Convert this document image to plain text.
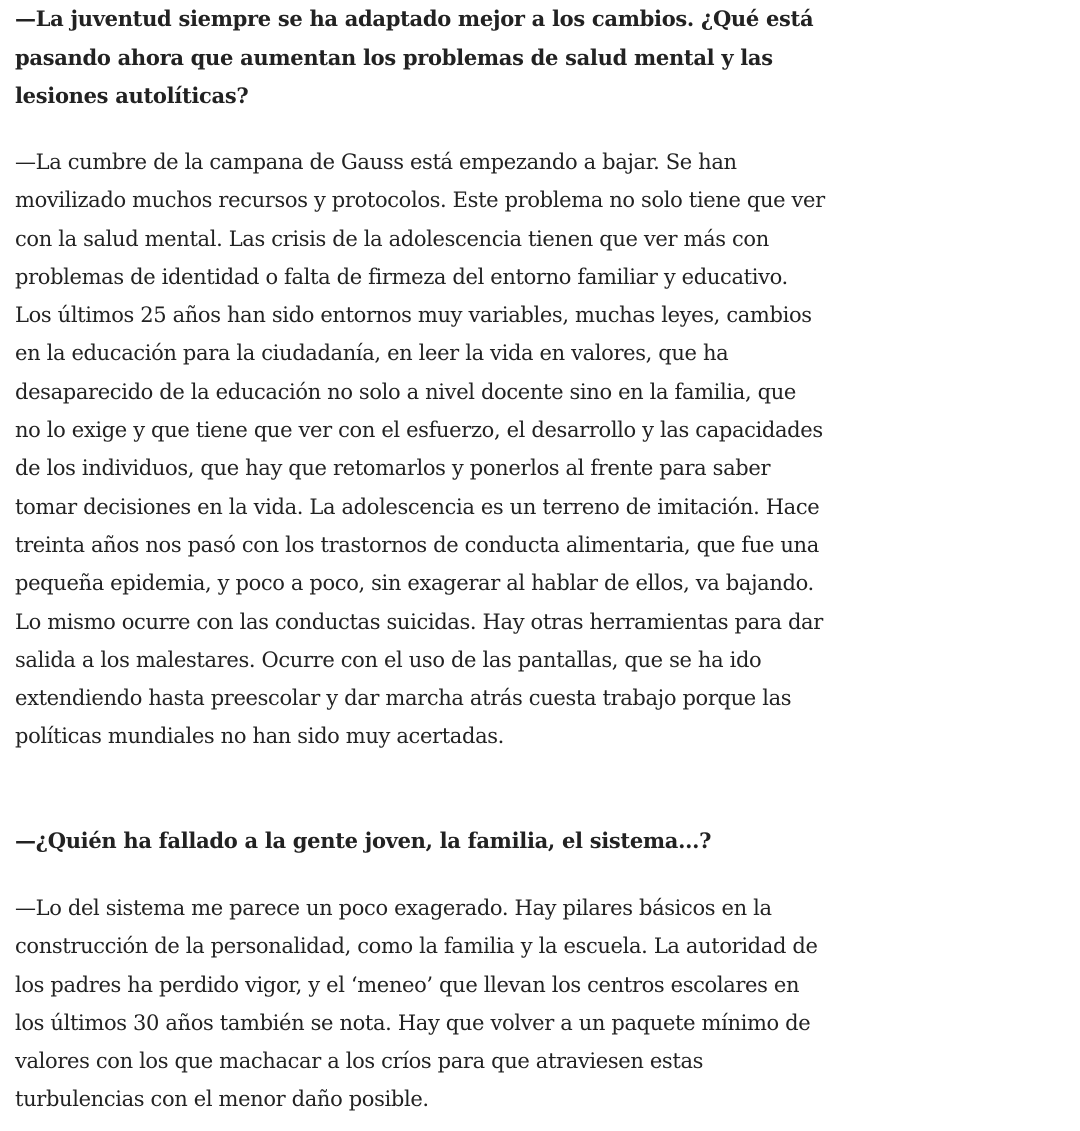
—La juventud siempre se ha adaptado mejor a los cambios. ¿Qué está pasando ahora que aumentan los problemas de salud mental y las lesiones autolíticas?

—La cumbre de la campana de Gauss está empezando a bajar. Se han movilizado muchos recursos y protocolos. Este problema no solo tiene que ver con la salud mental. Las crisis de la adolescencia tienen que ver más con problemas de identidad o falta de firmeza del entorno familiar y educativo. Los últimos 25 años han sido entornos muy variables, muchas leyes, cambios en la educación para la ciudadanía, en leer la vida en valores, que ha desaparecido de la educación no solo a nivel docente sino en la familia, que no lo exige y que tiene que ver con el esfuerzo, el desarrollo y las capacidades de los individuos, que hay que retomarlos y ponerlos al frente para saber tomar decisiones en la vida. La adolescencia es un terreno de imitación. Hace treinta años nos pasó con los trastornos de conducta alimentaria, que fue una pequeña epidemia, y poco a poco, sin exagerar al hablar de ellos, va bajando. Lo mismo ocurre con las conductas suicidas. Hay otras herramientas para dar salida a los malestares. Ocurre con el uso de las pantallas, que se ha ido extendiendo hasta preescolar y dar marcha atrás cuesta trabajo porque las políticas mundiales no han sido muy acertadas.

—¿Quién ha fallado a la gente joven, la familia, el sistema...?

—Lo del sistema me parece un poco exagerado. Hay pilares básicos en la construcción de la personalidad, como la familia y la escuela. La autoridad de los padres ha perdido vigor, y el ‘meneo’ que llevan los centros escolares en los últimos 30 años también se nota. Hay que volver a un paquete mínimo de valores con los que machacar a los críos para que atraviesen estas turbulencias con el menor daño posible.
